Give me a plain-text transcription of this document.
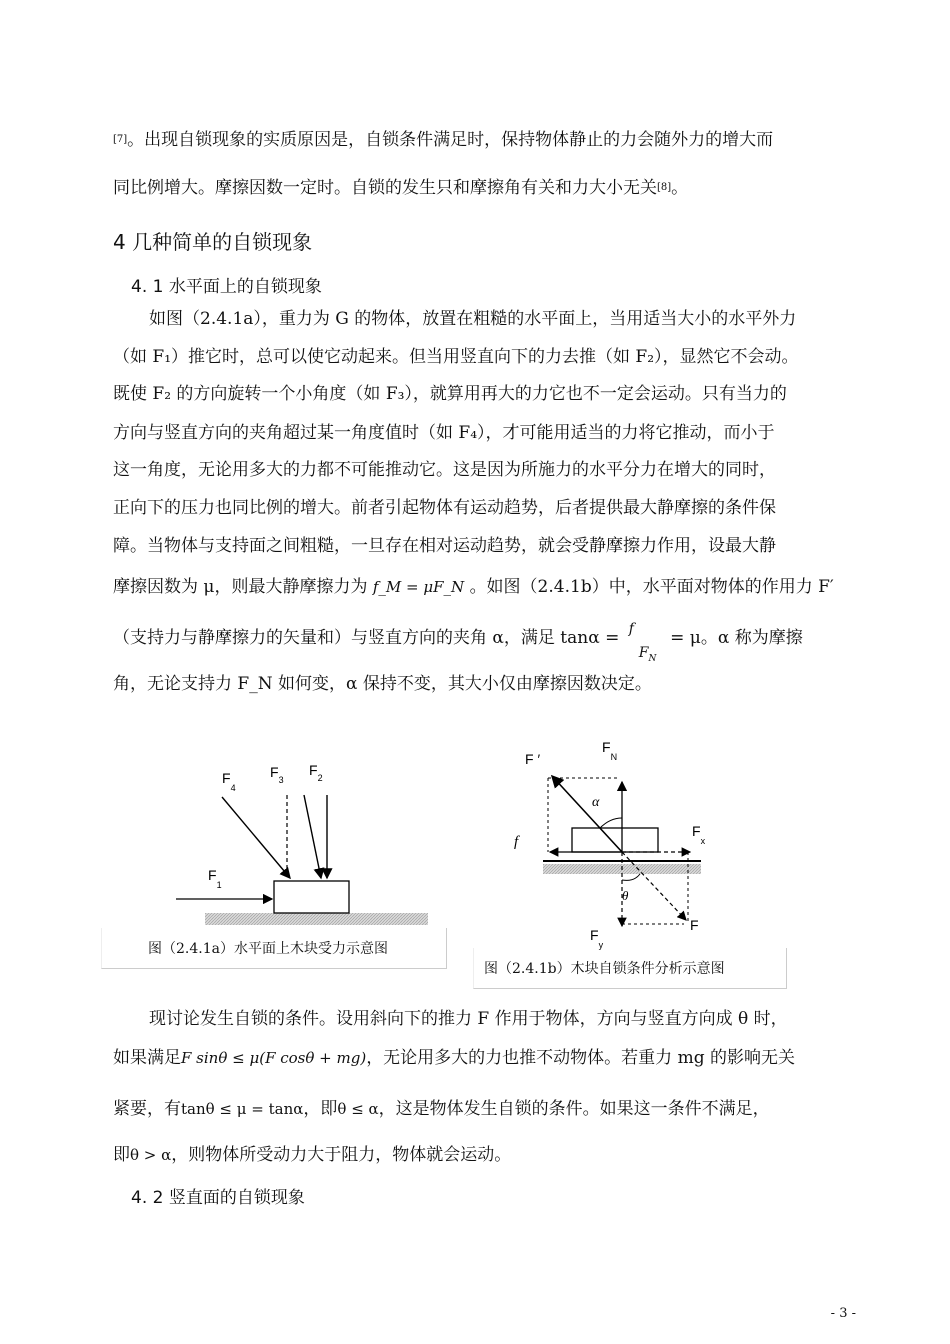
[7]。出现自锁现象的实质原因是，自锁条件满足时，保持物体静止的力会随外力的增大而
同比例增大。摩擦因数一定时。自锁的发生只和摩擦角有关和力大小无关[8]。
4 几种简单的自锁现象
4. 1 水平面上的自锁现象
如图（2.4.1a），重力为 G 的物体，放置在粗糙的水平面上，当用适当大小的水平外力
（如 F₁）推它时，总可以使它动起来。但当用竖直向下的力去推（如 F₂），显然它不会动。
既使 F₂ 的方向旋转一个小角度（如 F₃），就算用再大的力它也不一定会运动。只有当力的
方向与竖直方向的夹角超过某一角度值时（如 F₄），才可能用适当的力将它推动，而小于
这一角度，无论用多大的力都不可能推动它。这是因为所施力的水平分力在增大的同时，
正向下的压力也同比例的增大。前者引起物体有运动趋势，后者提供最大静摩擦的条件保
障。当物体与支持面之间粗糙，一旦存在相对运动趋势，就会受静摩擦力作用，设最大静
摩擦因数为 μ，则最大静摩擦力为 f_M = μF_N 。如图（2.4.1b）中，水平面对物体的作用力 F′
（支持力与静摩擦力的矢量和）与竖直方向的夹角 α，满足 tanα = f
$F_N$
= μ。α 称为摩擦
角，无论支持力 F_N 如何变，α 保持不变，其大小仅由摩擦因数决定。
$F_4$
$F_3$
$F_2$
$F_1$
图（2.4.1a）水平面上木块受力示意图
F ′
$F_N$
α
f
$F_x$
θ
F
$F_y$
图（2.4.1b）木块自锁条件分析示意图
现讨论发生自锁的条件。设用斜向下的推力 F 作用于物体，方向与竖直方向成 θ 时，
如果满足F sinθ ≤ μ(F cosθ + mg)，无论用多大的力也推不动物体。若重力 mg 的影响无关
紧要，有tanθ ≤ μ = tanα，即θ ≤ α，这是物体发生自锁的条件。如果这一条件不满足，
即θ > α，则物体所受动力大于阻力，物体就会运动。
4. 2 竖直面的自锁现象
- 3 -
